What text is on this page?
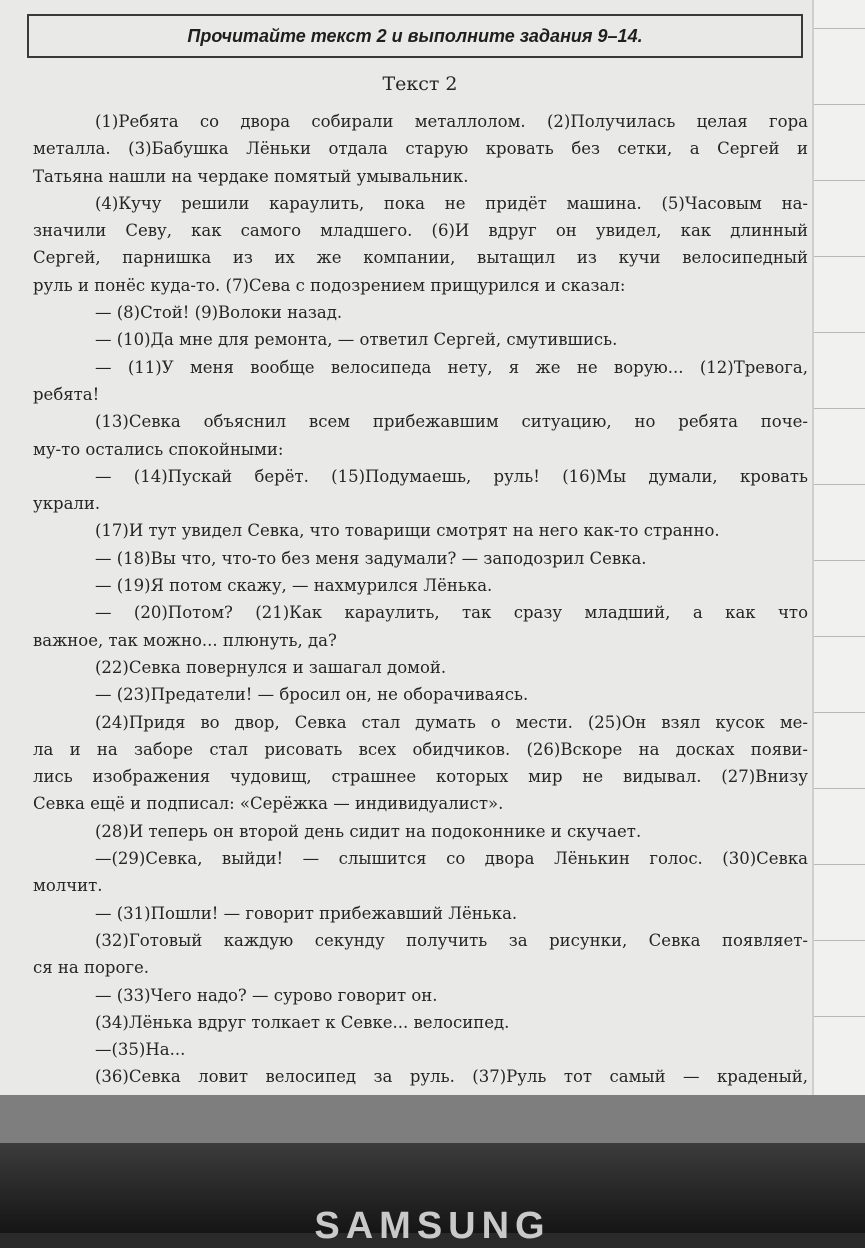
Прочитайте текст 2 и выполните задания 9–14.
Текст 2
(1)Ребята со двора собирали металлолом. (2)Получилась целая гора
металла. (3)Бабушка Лёньки отдала старую кровать без сетки, а Сергей и
Татьяна нашли на чердаке помятый умывальник.
(4)Кучу решили караулить, пока не придёт машина. (5)Часовым на-
значили Севу, как самого младшего. (6)И вдруг он увидел, как длинный
Сергей, парнишка из их же компании, вытащил из кучи велосипедный
руль и понёс куда-то. (7)Сева с подозрением прищурился и сказал:
— (8)Стой! (9)Волоки назад.
— (10)Да мне для ремонта, — ответил Сергей, смутившись.
— (11)У меня вообще велосипеда нету, я же не ворую... (12)Тревога,
ребята!
(13)Севка объяснил всем прибежавшим ситуацию, но ребята поче-
му-то остались спокойными:
— (14)Пускай берёт. (15)Подумаешь, руль! (16)Мы думали, кровать
украли.
(17)И тут увидел Севка, что товарищи смотрят на него как-то странно.
— (18)Вы что, что-то без меня задумали? — заподозрил Севка.
— (19)Я потом скажу, — нахмурился Лёнька.
— (20)Потом? (21)Как караулить, так сразу младший, а как что
важное, так можно... плюнуть, да?
(22)Севка повернулся и зашагал домой.
— (23)Предатели! — бросил он, не оборачиваясь.
(24)Придя во двор, Севка стал думать о мести. (25)Он взял кусок ме-
ла и на заборе стал рисовать всех обидчиков. (26)Вскоре на досках появи-
лись изображения чудовищ, страшнее которых мир не видывал. (27)Внизу
Севка ещё и подписал: «Серёжка — индивидуалист».
(28)И теперь он второй день сидит на подоконнике и скучает.
—(29)Севка, выйди! — слышится со двора Лёнькин голос. (30)Севка
молчит.
— (31)Пошли! — говорит прибежавший Лёнька.
(32)Готовый каждую секунду получить за рисунки, Севка появляет-
ся на пороге.
— (33)Чего надо? — сурово говорит он.
(34)Лёнька вдруг толкает к Севке... велосипед.
—(35)На...
(36)Севка ловит велосипед за руль. (37)Руль тот самый — краденый,
SAMSUNG
